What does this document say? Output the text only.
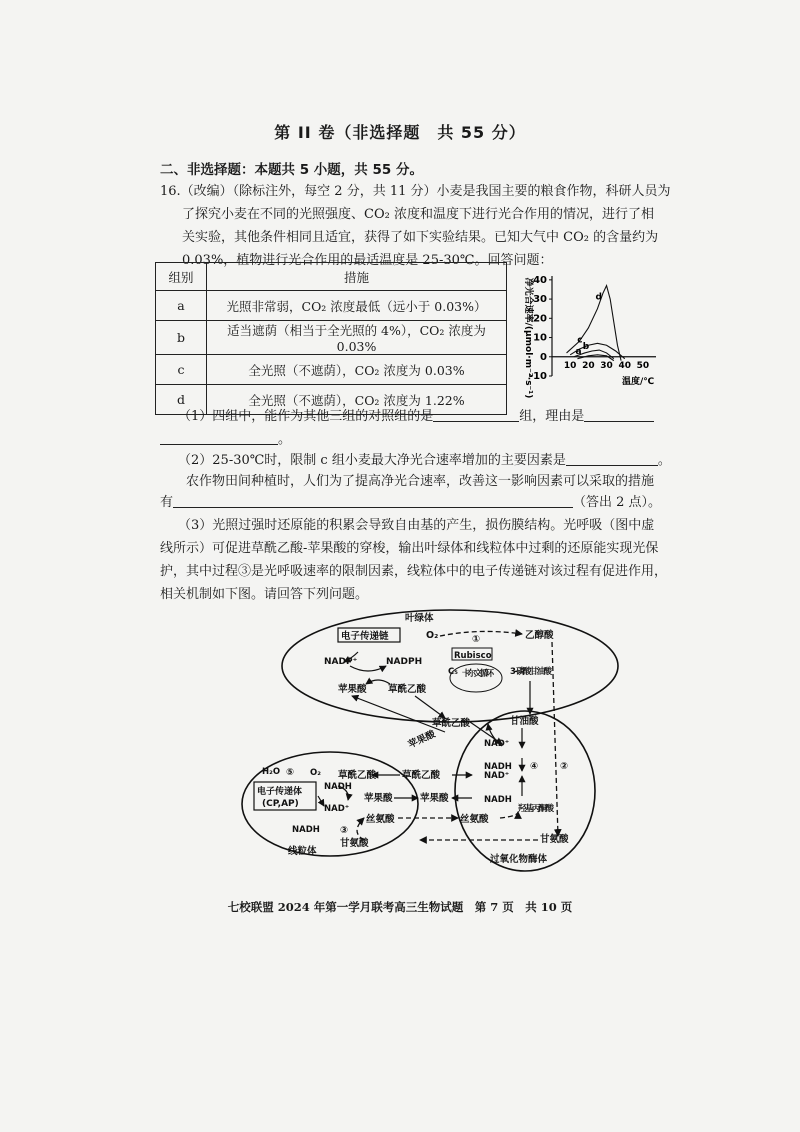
第 II 卷（非选择题　共 55 分）
二、非选择题：本题共 5 小题，共 55 分。
16.（改编）（除标注外，每空 2 分，共 11 分）小麦是我国主要的粮食作物，科研人员为
了探究小麦在不同的光照强度、CO₂ 浓度和温度下进行光合作用的情况，进行了相
关实验，其他条件相同且适宜，获得了如下实验结果。已知大气中 CO₂ 的含量约为
0.03%，植物进行光合作用的最适温度是 25-30℃。回答问题：
组别	措施
a	光照非常弱，CO₂ 浓度最低（远小于 0.03%）
b	适当遮荫（相当于全光照的 4%），CO₂ 浓度为 0.03%
c	全光照（不遮荫），CO₂ 浓度为 0.03%
d	全光照（不遮荫），CO₂ 浓度为 1.22%
净光合速率/(μmol·m⁻²·s⁻¹)
-10
0
10
20
30
40
10 20 30 40 50
d
c
b
a
温度/℃
（1）四组中，能作为其他三组的对照组的是	组，理由是
。
（2）25-30℃时，限制 c 组小麦最大净光合速率增加的主要因素是	。
农作物田间种植时，人们为了提高净光合速率，改善这一影响因素可以采取的措施
有	（答出 2 点）。
（3）光照过强时还原能的积累会导致自由基的产生，损伤膜结构。光呼吸（图中虚
线所示）可促进草酰乙酸-苹果酸的穿梭，输出叶绿体和线粒体中过剩的还原能实现光保
护，其中过程③是光呼吸速率的限制因素，线粒体中的电子传递链对该过程有促进作用，
相关机制如下图。请回答下列问题。
叶绿体
电子传递链	O₂	①	乙醇酸
Rubisco
NADP⁺	NADPH
C₅ 卡尔文循环 3-磷酸甘油酸
苹果酸 草酰乙酸
草酰乙酸
苹果酸
甘油酸
NAD⁺
NADH ④ ②
NAD⁺
NADH
羟基丙酮酸
甘氨酸
过氧化物酶体
H₂O ⑤ O₂
电子传递体
(CP,AP)
NADH
NAD⁺
NADH ③
草酰乙酸
苹果酸
草酰乙酸
苹果酸
丝氨酸	丝氨酸
甘氨酸
线粒体
七校联盟 2024 年第一学月联考高三生物试题　第 7 页　共 10 页
